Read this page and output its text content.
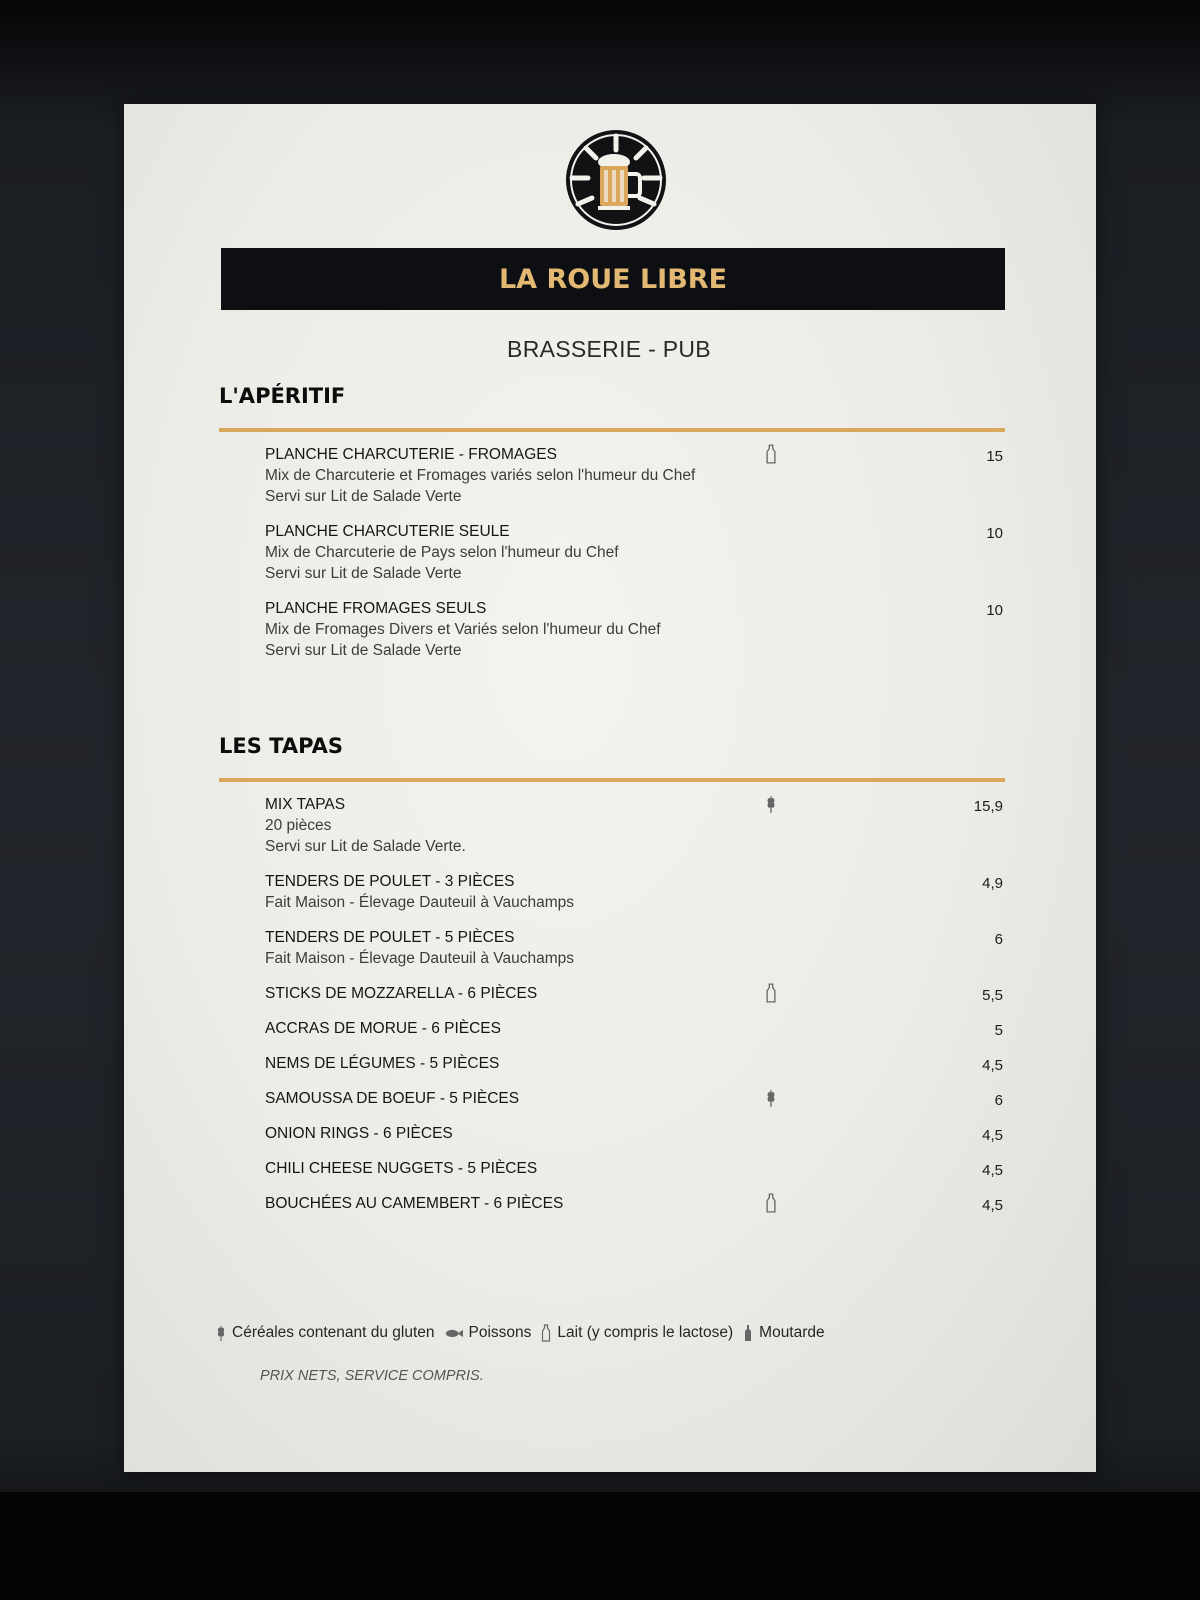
LA ROUE LIBRE
BRASSERIE - PUB
L'APÉRITIF
PLANCHE CHARCUTERIE - FROMAGES
Mix de Charcuterie et Fromages variés selon l'humeur du Chef
Servi sur Lit de Salade Verte
15
PLANCHE CHARCUTERIE SEULE
Mix de Charcuterie de Pays selon l'humeur du Chef
Servi sur Lit de Salade Verte
10
PLANCHE FROMAGES SEULS
Mix de Fromages Divers et Variés selon l'humeur du Chef
Servi sur Lit de Salade Verte
10
LES TAPAS
MIX TAPAS
20 pièces
Servi sur Lit de Salade Verte.
15,9
TENDERS DE POULET - 3 PIÈCES
Fait Maison - Élevage Dauteuil à Vauchamps
4,9
TENDERS DE POULET - 5 PIÈCES
Fait Maison - Élevage Dauteuil à Vauchamps
6
STICKS DE MOZZARELLA - 6 PIÈCES	5,5
ACCRAS DE MORUE - 6 PIÈCES	5
NEMS DE LÉGUMES - 5 PIÈCES	4,5
SAMOUSSA DE BOEUF - 5 PIÈCES	6
ONION RINGS - 6 PIÈCES	4,5
CHILI CHEESE NUGGETS - 5 PIÈCES	4,5
BOUCHÉES AU CAMEMBERT - 6 PIÈCES	4,5
Céréales contenant du gluten Poissons Lait (y compris le lactose) Moutarde
PRIX NETS, SERVICE COMPRIS.
